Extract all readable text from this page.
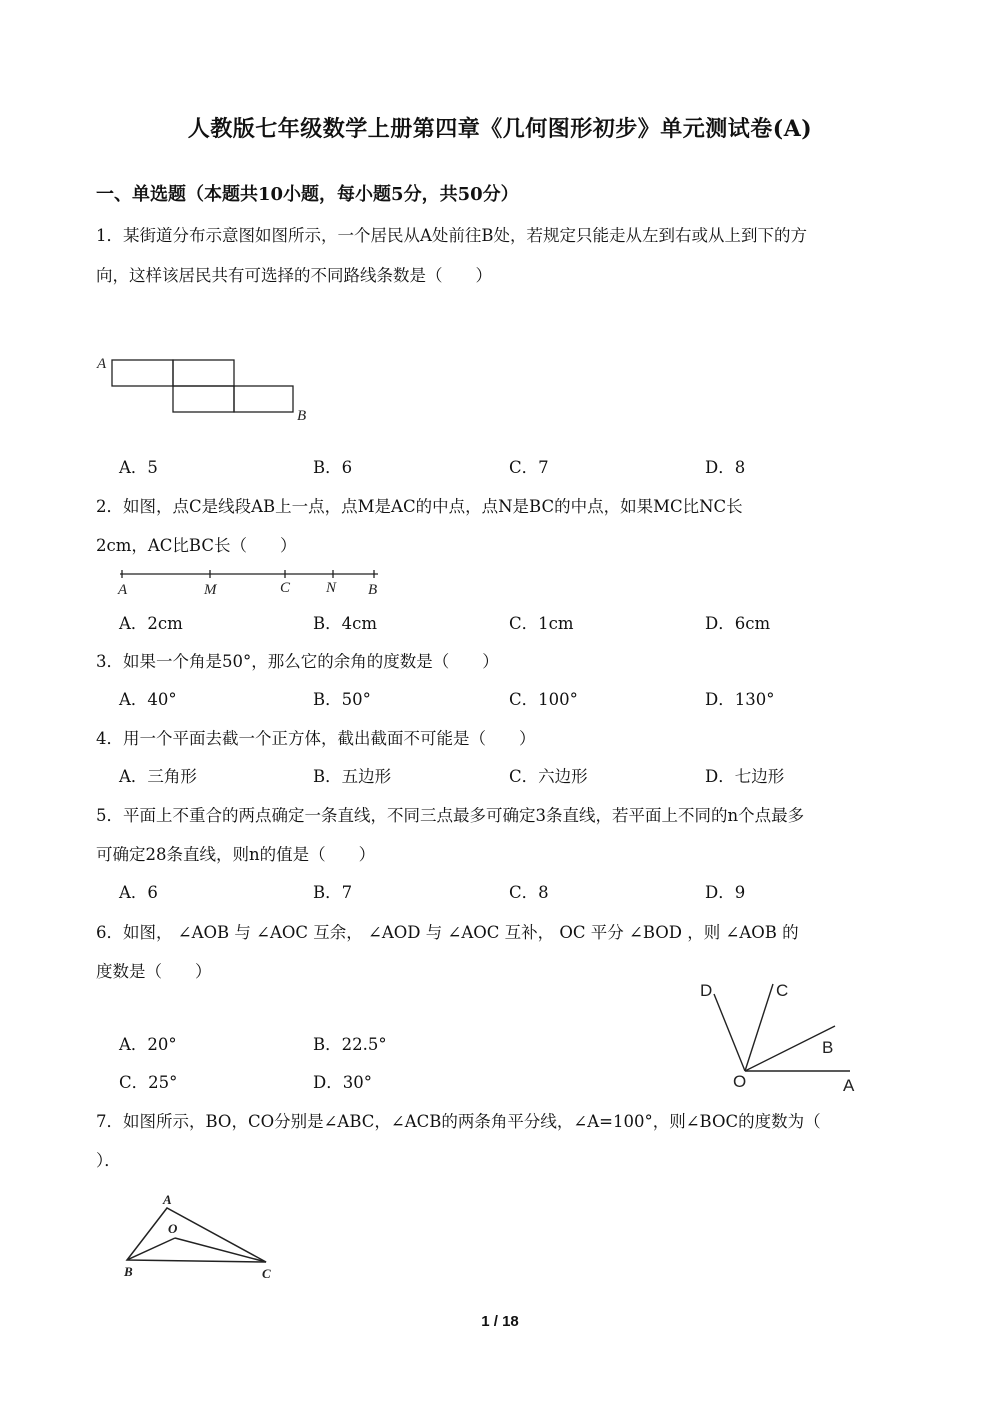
人教版七年级数学上册第四章《几何图形初步》单元测试卷(A)
一、单选题（本题共10小题，每小题5分，共50分）
1．某街道分布示意图如图所示，一个居民从A处前往B处，若规定只能走从左到右或从上到下的方
向，这样该居民共有可选择的不同路线条数是（　　）
A
B
A．5	B．6	C．7	D．8
2．如图，点C是线段AB上一点，点M是AC的中点，点N是BC的中点，如果MC比NC长
2cm，AC比BC长（　　）
A	M	C N B
A．2cm	B．4cm	C．1cm	D．6cm
3．如果一个角是50°，那么它的余角的度数是（　　）
A．40°	B．50°	C．100°	D．130°
4．用一个平面去截一个正方体，截出截面不可能是（　　）
A．三角形	B．五边形	C．六边形	D．七边形
5．平面上不重合的两点确定一条直线，不同三点最多可确定3条直线，若平面上不同的n个点最多
可确定28条直线，则n的值是（　　）
A．6	B．7	C．8	D．9
6．如图， ∠AOB 与 ∠AOC 互余， ∠AOD 与 ∠AOC 互补， OC 平分 ∠BOD ，则 ∠AOB 的
度数是（　　）
D	C
B
O	A
A．20°	B．22.5°
C．25°	D．30°
7．如图所示，BO，CO分别是∠ABC，∠ACB的两条角平分线，∠A=100°，则∠BOC的度数为（
）．
A
O
B	C
1 / 18
